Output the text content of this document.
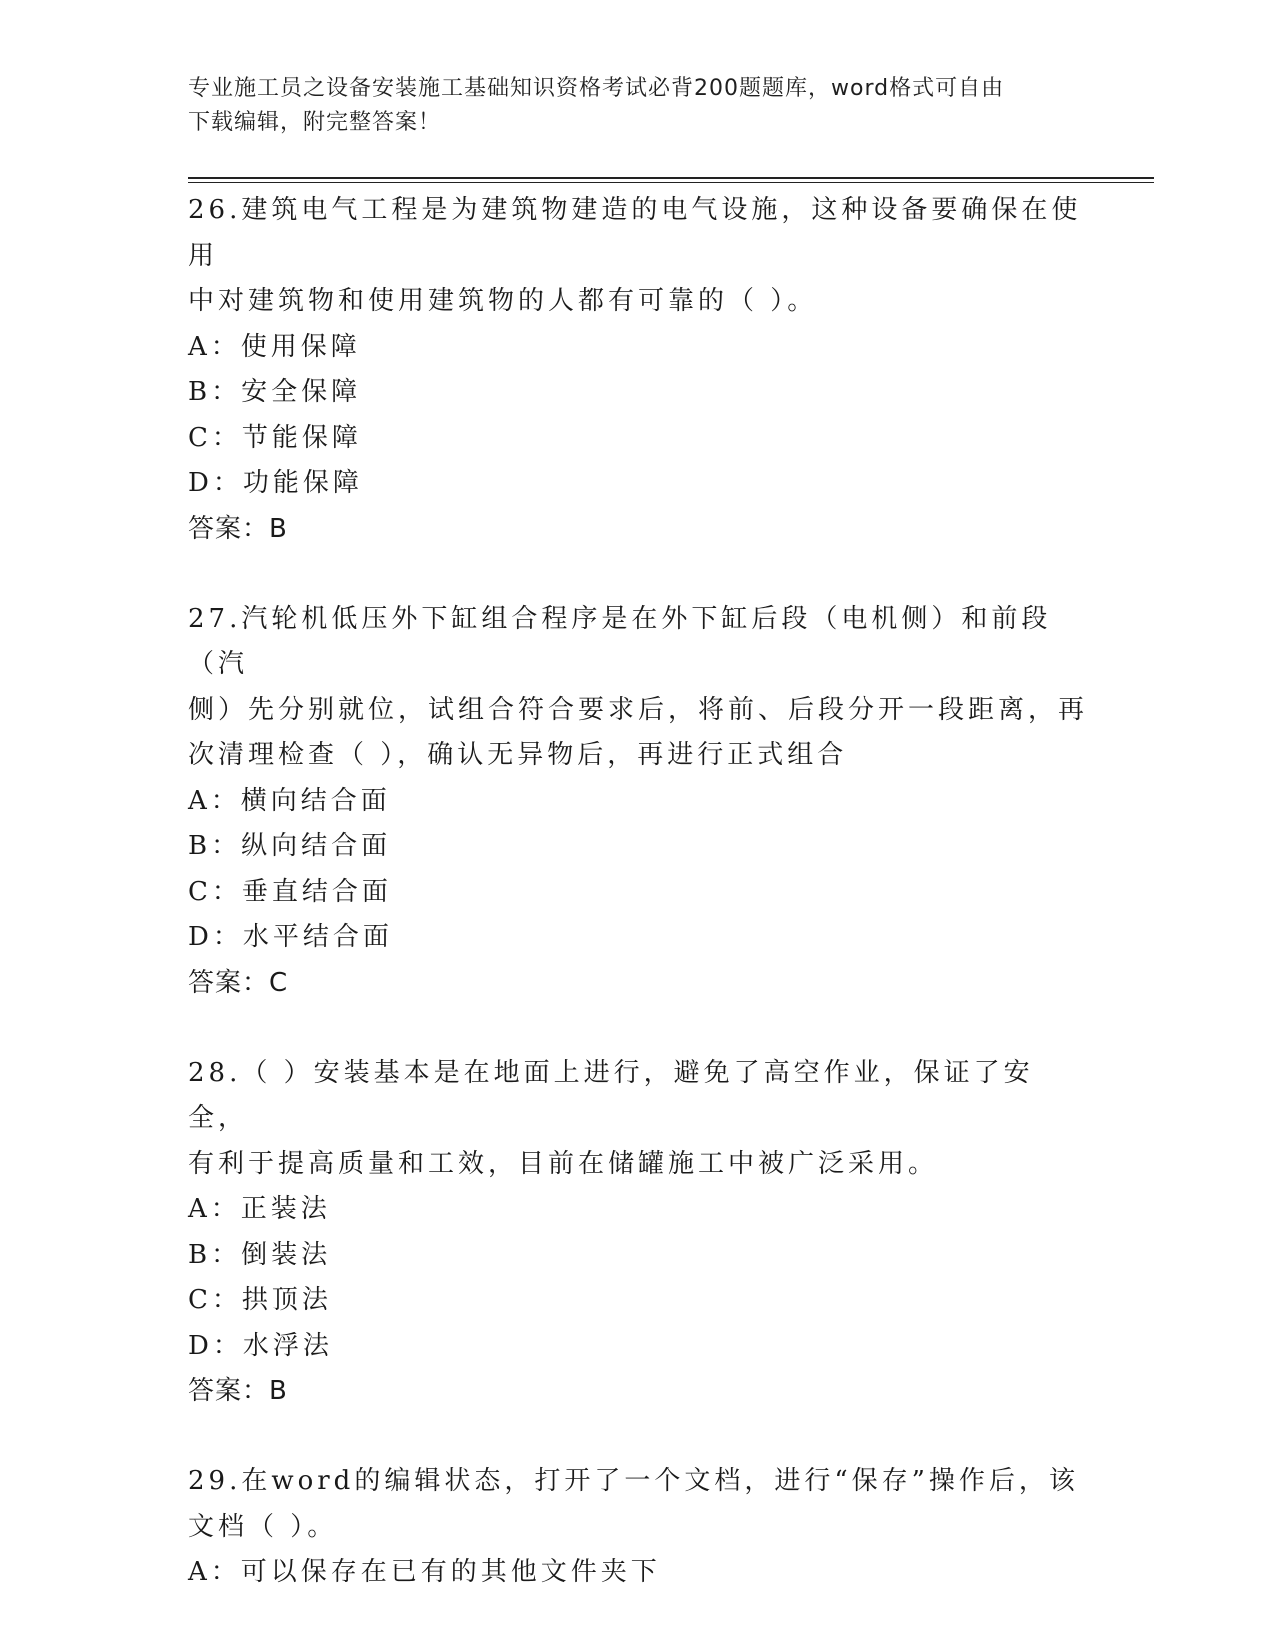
专业施工员之设备安装施工基础知识资格考试必背200题题库，word格式可自由
下载编辑，附完整答案！
26.建筑电气工程是为建筑物建造的电气设施，这种设备要确保在使用
中对建筑物和使用建筑物的人都有可靠的（ ）。
A：使用保障
B：安全保障
C：节能保障
D：功能保障
答案：B
27.汽轮机低压外下缸组合程序是在外下缸后段（电机侧）和前段（汽
侧）先分别就位，试组合符合要求后，将前、后段分开一段距离，再
次清理检查（ ），确认无异物后，再进行正式组合
A：横向结合面
B：纵向结合面
C：垂直结合面
D：水平结合面
答案：C
28.（ ）安装基本是在地面上进行，避免了高空作业，保证了安全，
有利于提高质量和工效，目前在储罐施工中被广泛采用。
A：正装法
B：倒装法
C：拱顶法
D：水浮法
答案：B
29.在word的编辑状态，打开了一个文档，进行“保存”操作后，该
文档（ ）。
A：可以保存在已有的其他文件夹下
